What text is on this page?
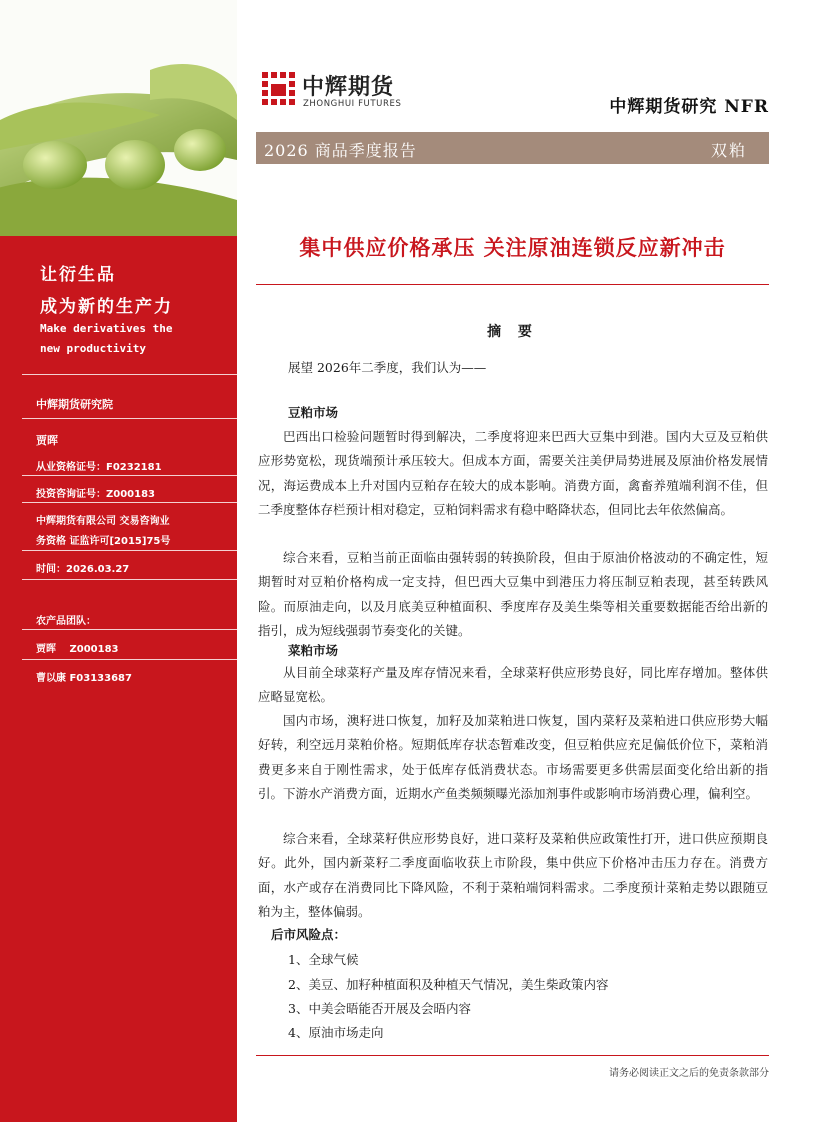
让衍生品
成为新的生产力
Make derivatives the
new productivity
中辉期货研究院
贾晖
从业资格证号：F0232181
投资咨询证号：Z000183
中辉期货有限公司 交易咨询业
务资格 证监许可[2015]75号
时间：2026.03.27
农产品团队：
贾晖　 Z000183
曹以康 F03133687
中辉期货
ZHONGHUI FUTURES	中辉期货研究 NFR
2026 商品季度报告	双粕
集中供应价格承压 关注原油连锁反应新冲击
摘 要
展望 2026年二季度，我们认为——
豆粕市场
巴西出口检验问题暂时得到解决，二季度将迎来巴西大豆集中到港。国内大豆及豆粕供应形势宽松，现货端预计承压较大。但成本方面，需要关注美伊局势进展及原油价格发展情况，海运费成本上升对国内豆粕存在较大的成本影响。消费方面，禽畜养殖端利润不佳，但二季度整体存栏预计相对稳定，豆粕饲料需求有稳中略降状态，但同比去年依然偏高。
综合来看，豆粕当前正面临由强转弱的转换阶段，但由于原油价格波动的不确定性，短期暂时对豆粕价格构成一定支持，但巴西大豆集中到港压力将压制豆粕表现，甚至转跌风险。而原油走向，以及月底美豆种植面积、季度库存及美生柴等相关重要数据能否给出新的指引，成为短线强弱节奏变化的关键。
菜粕市场
从目前全球菜籽产量及库存情况来看，全球菜籽供应形势良好，同比库存增加。整体供应略显宽松。
国内市场，澳籽进口恢复，加籽及加菜粕进口恢复，国内菜籽及菜粕进口供应形势大幅好转，利空远月菜粕价格。短期低库存状态暂难改变，但豆粕供应充足偏低价位下，菜粕消费更多来自于刚性需求，处于低库存低消费状态。市场需要更多供需层面变化给出新的指引。下游水产消费方面，近期水产鱼类频频曝光添加剂事件或影响市场消费心理，偏利空。
综合来看，全球菜籽供应形势良好，进口菜籽及菜粕供应政策性打开，进口供应预期良好。此外，国内新菜籽二季度面临收获上市阶段，集中供应下价格冲击压力存在。消费方面，水产或存在消费同比下降风险，不利于菜粕端饲料需求。二季度预计菜粕走势以跟随豆粕为主，整体偏弱。
后市风险点：
1、全球气候
2、美豆、加籽种植面积及种植天气情况，美生柴政策内容
3、中美会晤能否开展及会晤内容
4、原油市场走向
请务必阅读正文之后的免责条款部分
